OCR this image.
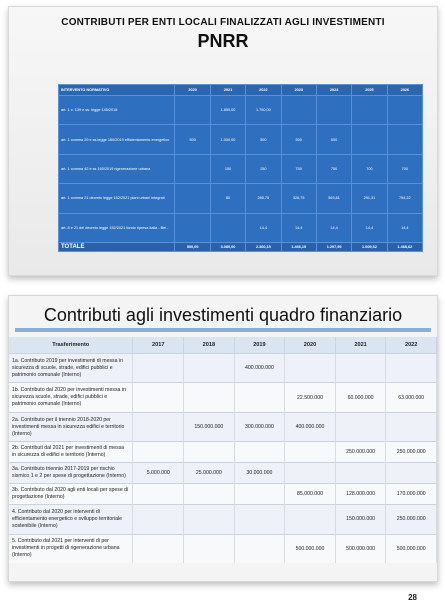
CONTRIBUTI PER ENTI LOCALI FINALIZZATI AGLI INVESTIMENTI
PNRR
INTERVENTO NORMATIVO	2020	2021	2022	2023	2024	2025	2026
art. 1 c. 139 e ss. legge 145/2018		1.850,00	1.750,00				
art. 1 comma 29 e ss.legge 160/2019 efficientamento energetico	500	1.000,00	500	500	500		
art. 1 comma 42 e ss 160/2019 rigenerazione urbana		150	250	750	750	700	700
art. 1 comma 21 decreto legge 152/2021 piani urbani integrati		80	285,75	326,75	563,81	291,31	754,22
art. 8 e 21 del decreto legge 152/2021 fondo ripresa italia - Bei -			14,4	14,4	14,4	14,4	14,4
TOTALE	500,00	3.080,00	2.360,15	1.466,15	1.297,95	1.609,62	1.468,62
Contributi agli investimenti quadro finanziario
Trasferimento	2017	2018	2019	2020	2021	2022
1a. Contributo 2019 per investimenti di messa in sicurezza di scuole, strade, edifici pubblici e patrimonio comunale (Interno)			400.000.000			
1b. Contributo dal 2020 per investimenti messa in sicurezza scuole, strade, edifici pubblici e patrimonio comunale (Interno)				22.500.000	60.000.000	63.000.000
2a. Contributo per il triennio 2018-2020 per investimenti messa in sicurezza edifici e territorio (Interno)		150.000.000	300.000.000	400.000.000		
2b. Contributi dal 2021 per investimenti di messa in sicurezza di edifici e territorio (Interno)					250.000.000	250.000.000
3a. Contributo triennio 2017-2019 per rischio sismico 1 e 2 per spese di progettazione (Interno)	5.000.000	25.000.000	30.000.000			
3b. Contributo dal 2020 agli enti locali per spese di progettazione (Interno)				85.000.000	128.000.000	170.000.000
4. Contributo dal 2020 per interventi di efficientamento energetico e sviluppo territoriale sostenibile (Interno)					150.000.000	250.000.000
5. Contributo dal 2021 per interventi di per investimenti in progetti di rigenerazione urbana (Interno)				500.000.000	500.000.000	500.000.000
28
